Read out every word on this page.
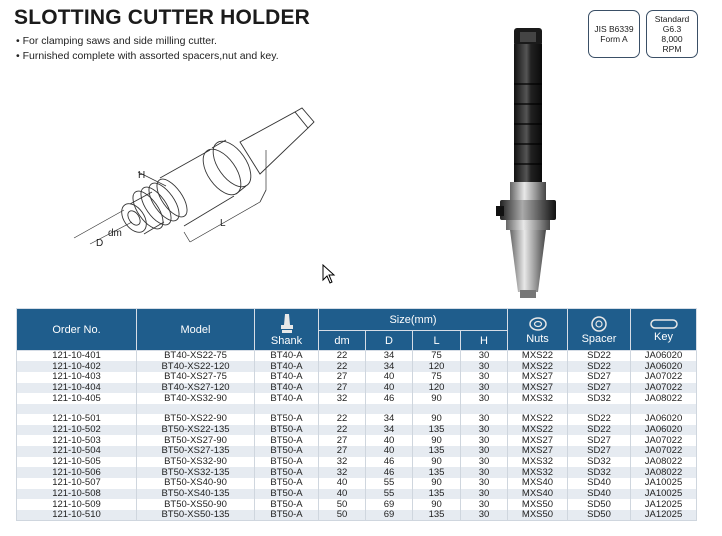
SLOTTING CUTTER HOLDER
• For clamping saws and side milling cutter.
• Furnished complete with assorted spacers,nut and key.
JIS B6339
Form A
Standard
G6.3
8,000
RPM
H
dm
D
L
Order No.	Model	Shank	Size(mm)				Nuts	Spacer	Key
			dm	D	L	H			
121-10-401	BT40-XS22-75	BT40-A	22	34	75	30	MXS22	SD22	JA06020
121-10-402	BT40-XS22-120	BT40-A	22	34	120	30	MXS22	SD22	JA06020
121-10-403	BT40-XS27-75	BT40-A	27	40	75	30	MXS27	SD27	JA07022
121-10-404	BT40-XS27-120	BT40-A	27	40	120	30	MXS27	SD27	JA07022
121-10-405	BT40-XS32-90	BT40-A	32	46	90	30	MXS32	SD32	JA08022

121-10-501	BT50-XS22-90	BT50-A	22	34	90	30	MXS22	SD22	JA06020
121-10-502	BT50-XS22-135	BT50-A	22	34	135	30	MXS22	SD22	JA06020
121-10-503	BT50-XS27-90	BT50-A	27	40	90	30	MXS27	SD27	JA07022
121-10-504	BT50-XS27-135	BT50-A	27	40	135	30	MXS27	SD27	JA07022
121-10-505	BT50-XS32-90	BT50-A	32	46	90	30	MXS32	SD32	JA08022
121-10-506	BT50-XS32-135	BT50-A	32	46	135	30	MXS32	SD32	JA08022
121-10-507	BT50-XS40-90	BT50-A	40	55	90	30	MXS40	SD40	JA10025
121-10-508	BT50-XS40-135	BT50-A	40	55	135	30	MXS40	SD40	JA10025
121-10-509	BT50-XS50-90	BT50-A	50	69	90	30	MXS50	SD50	JA12025
121-10-510	BT50-XS50-135	BT50-A	50	69	135	30	MXS50	SD50	JA12025
